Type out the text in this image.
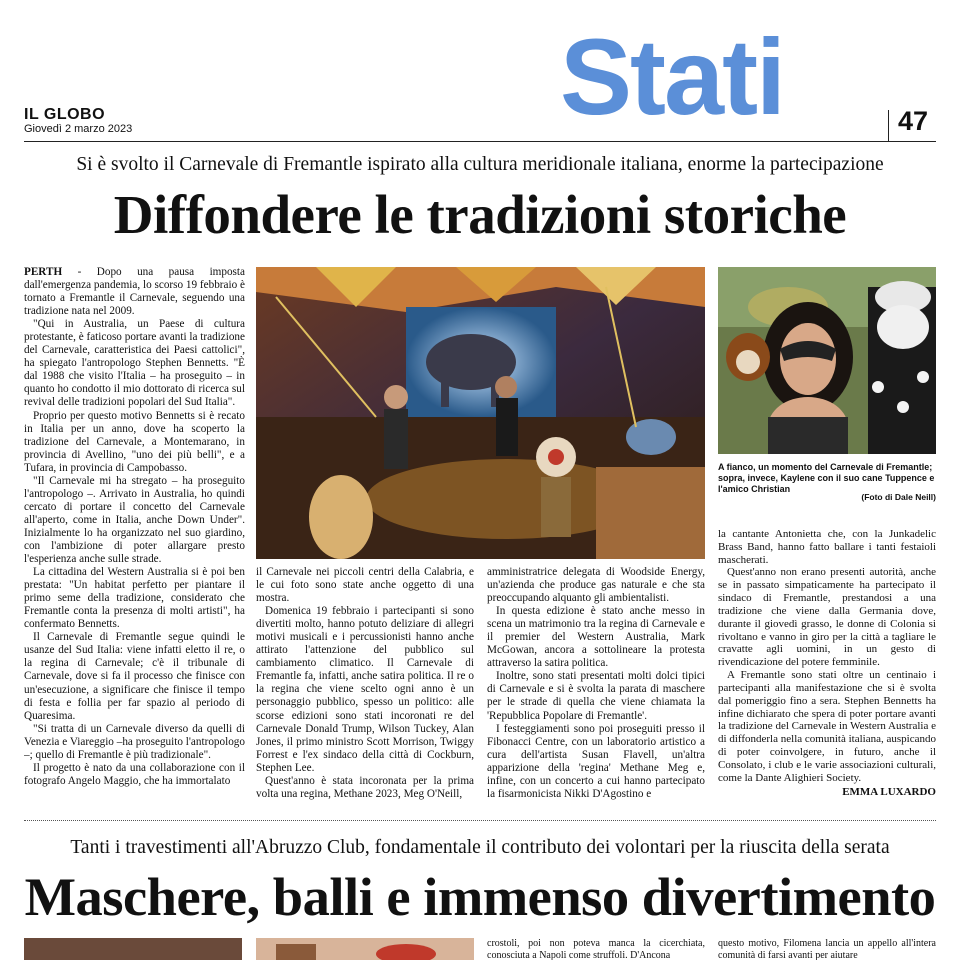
IL GLOBO
Giovedì 2 marzo 2023	Stati	47
Si è svolto il Carnevale di Fremantle ispirato alla cultura meridionale italiana, enorme la partecipazione
Diffondere le tradizioni storiche

PERTH - Dopo una pausa imposta dall'emergenza pandemia, lo scorso 19 febbraio è tornato a Fremantle il Carnevale, seguendo una tradizione nata nel 2009.

"Qui in Australia, un Paese di cultura protestante, è faticoso portare avanti la tradizione del Carnevale, caratteristica dei Paesi cattolici", ha spiegato l'antropologo Stephen Bennetts. "È dal 1988 che visito l'Italia – ha proseguito – in quanto ho condotto il mio dottorato di ricerca sul revival delle tradizioni popolari del Sud Italia".

Proprio per questo motivo Bennetts si è recato in Italia per un anno, dove ha scoperto la tradizione del Carnevale, a Montemarano, in provincia di Avellino, "uno dei più belli", e a Tufara, in provincia di Campobasso.

"Il Carnevale mi ha stregato – ha proseguito l'antropologo –. Arrivato in Australia, ho quindi cercato di portare il concetto del Carnevale all'aperto, come in Italia, anche Down Under". Inizialmente lo ha organizzato nel suo giardino, con l'ambizione di poter allargare presto l'esperienza anche sulle strade.

La cittadina del Western Australia si è poi ben prestata: "Un habitat perfetto per piantare il primo seme della tradizione, considerato che Fremantle conta la presenza di molti artisti", ha confermato Bennetts.

Il Carnevale di Fremantle segue quindi le usanze del Sud Italia: viene infatti eletto il re, o la regina di Carnevale; c'è il tribunale di Carnevale, dove si fa il processo che finisce con un'esecuzione, a significare che finisce il tempo di festa e follia per far spazio al periodo di Quaresima.

"Si tratta di un Carnevale diverso da quelli di Venezia e Viareggio –ha proseguito l'antropologo –; quello di Fremantle è più tradizionale".

Il progetto è nato da una collaborazione con il fotografo Angelo Maggio, che ha immortalato

A fianco, un momento del Carnevale di Fremantle; sopra, invece, Kaylene con il suo cane Tuppence e l'amico Christian
(Foto di Dale Neill)

il Carnevale nei piccoli centri della Calabria, e le cui foto sono state anche oggetto di una mostra.

Domenica 19 febbraio i partecipanti si sono divertiti molto, hanno potuto deliziare di allegri motivi musicali e i percussionisti hanno anche attirato l'attenzione del pubblico sul cambiamento climatico. Il Carnevale di Fremantle fa, infatti, anche satira politica. Il re o la regina che viene scelto ogni anno è un personaggio pubblico, spesso un politico: alle scorse edizioni sono stati incoronati re del Carnevale Donald Trump, Wilson Tuckey, Alan Jones, il primo ministro Scott Morrison, Twiggy Forrest e l'ex sindaco della città di Cockburn, Stephen Lee.

Quest'anno è stata incoronata per la prima volta una regina, Methane 2023, Meg O'Neill,

amministratrice delegata di Woodside Energy, un'azienda che produce gas naturale e che sta preoccupando alquanto gli ambientalisti.

In questa edizione è stato anche messo in scena un matrimonio tra la regina di Carnevale e il premier del Western Australia, Mark McGowan, ancora a sottolineare la protesta attraverso la satira politica.

Inoltre, sono stati presentati molti dolci tipici di Carnevale e si è svolta la parata di maschere per le strade di quella che viene chiamata la 'Repubblica Popolare di Fremantle'.

I festeggiamenti sono poi proseguiti presso il Fibonacci Centre, con un laboratorio artistico a cura dell'artista Susan Flavell, un'altra apparizione della 'regina' Methane Meg e, infine, con un concerto a cui hanno partecipato la fisarmonicista Nikki D'Agostino e

la cantante Antonietta che, con la Junkadelic Brass Band, hanno fatto ballare i tanti festaioli mascherati.

Quest'anno non erano presenti autorità, anche se in passato simpaticamente ha partecipato il sindaco di Fremantle, prestandosi a una tradizione che viene dalla Germania dove, durante il giovedì grasso, le donne di Colonia si rivoltano e vanno in giro per la città a tagliare le cravatte agli uomini, in un gesto di rivendicazione del potere femminile.

A Fremantle sono stati oltre un centinaio i partecipanti alla manifestazione che si è svolta dal pomeriggio fino a sera. Stephen Bennetts ha infine dichiarato che spera di poter portare avanti la tradizione del Carnevale in Western Australia e di diffonderla nella comunità italiana, auspicando di poter coinvolgere, in futuro, anche il Consolato, i club e le varie associazioni culturali, come la Dante Alighieri Society.

EMMA LUXARDO
Tanti i travestimenti all'Abruzzo Club, fondamentale il contributo dei volontari per la riuscita della serata
Maschere, balli e immenso divertimento

crostoli, poi non poteva manca la cicerchiata, conosciuta a Napoli come struffoli. D'Ancona

questo motivo, Filomena lancia un appello all'intera comunità di farsi avanti per aiutare
